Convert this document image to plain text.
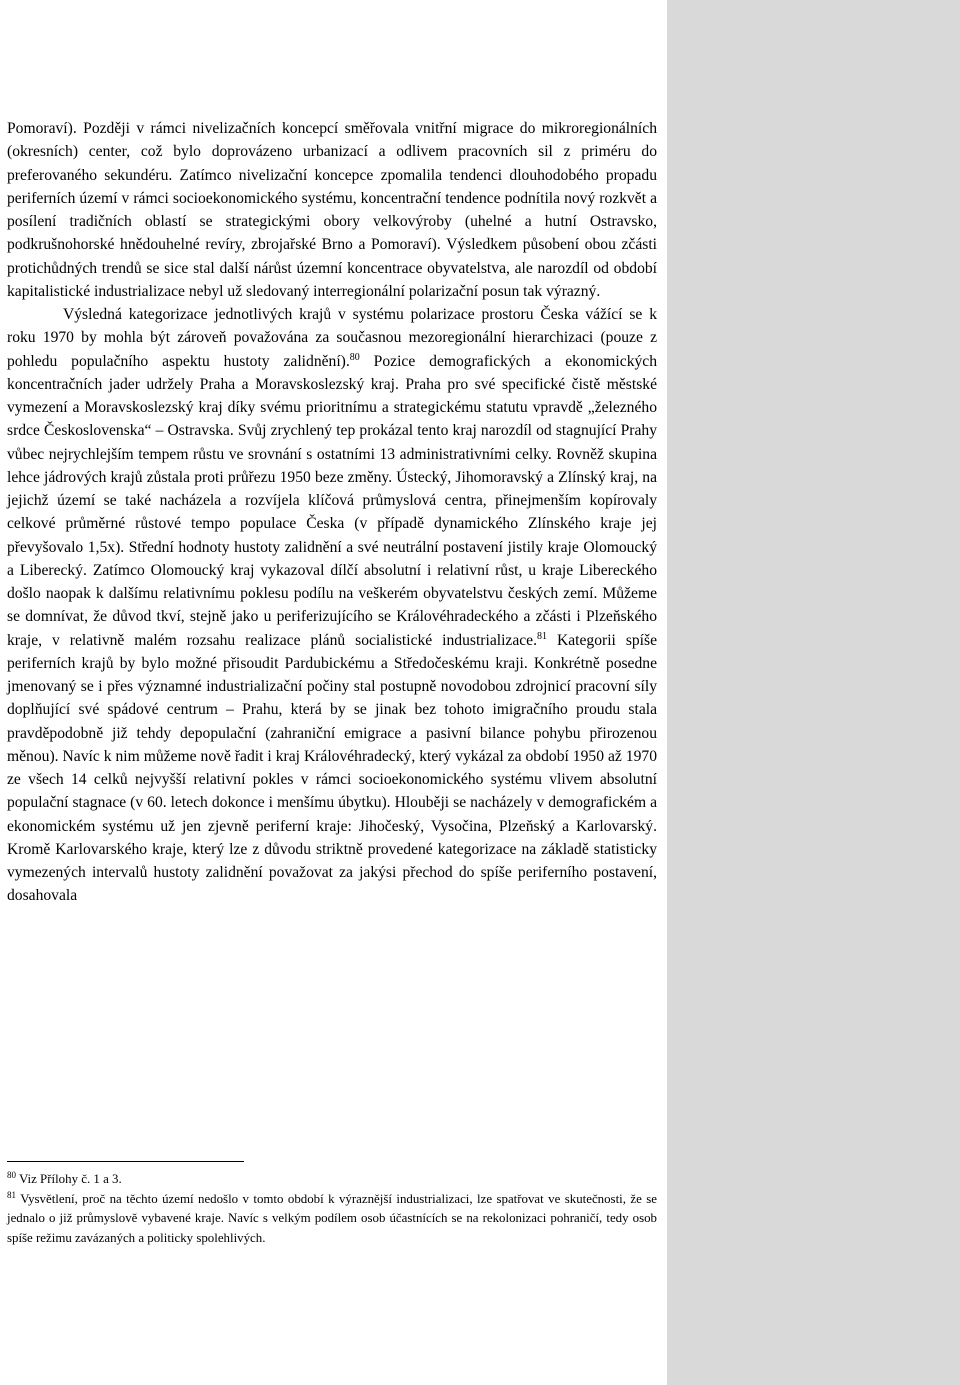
Pomoraví). Později v rámci nivelizačních koncepcí směřovala vnitřní migrace do mikroregionálních (okresních) center, což bylo doprovázeno urbanizací a odlivem pracovních sil z priméru do preferovaného sekundéru. Zatímco nivelizační koncepce zpomalila tendenci dlouhodobého propadu periferních území v rámci socioekonomického systému, koncentrační tendence podnítila nový rozkvět a posílení tradičních oblastí se strategickými obory velkovýroby (uhelné a hutní Ostravsko, podkrušnohorské hnědouhelné revíry, zbrojařské Brno a Pomoraví). Výsledkem působení obou zčásti protichůdných trendů se sice stal další nárůst územní koncentrace obyvatelstva, ale narozdíl od období kapitalistické industrializace nebyl už sledovaný interregionální polarizační posun tak výrazný.

Výsledná kategorizace jednotlivých krajů v systému polarizace prostoru Česka vážící se k roku 1970 by mohla být zároveň považována za současnou mezoregionální hierarchizaci (pouze z pohledu populačního aspektu hustoty zalidnění).$^{80}$ Pozice demografických a ekonomických koncentračních jader udržely Praha a Moravskoslezský kraj. Praha pro své specifické čistě městské vymezení a Moravskoslezský kraj díky svému prioritnímu a strategickému statutu vpravdě „železného srdce Československa“ – Ostravska. Svůj zrychlený tep prokázal tento kraj narozdíl od stagnující Prahy vůbec nejrychlejším tempem růstu ve srovnání s ostatními 13 administrativními celky. Rovněž skupina lehce jádrových krajů zůstala proti průřezu 1950 beze změny. Ústecký, Jihomoravský a Zlínský kraj, na jejichž území se také nacházela a rozvíjela klíčová průmyslová centra, přinejmenším kopírovaly celkové průměrné růstové tempo populace Česka (v případě dynamického Zlínského kraje jej převyšovalo 1,5x). Střední hodnoty hustoty zalidnění a své neutrální postavení jistily kraje Olomoucký a Liberecký. Zatímco Olomoucký kraj vykazoval dílčí absolutní i relativní růst, u kraje Libereckého došlo naopak k dalšímu relativnímu poklesu podílu na veškerém obyvatelstvu českých zemí. Můžeme se domnívat, že důvod tkví, stejně jako u periferizujícího se Královéhradeckého a zčásti i Plzeňského kraje, v relativně malém rozsahu realizace plánů socialistické industrializace.$^{81}$ Kategorii spíše periferních krajů by bylo možné přisoudit Pardubickému a Středočeskému kraji. Konkrétně posedne jmenovaný se i přes významné industrializační počiny stal postupně novodobou zdrojnicí pracovní síly doplňující své spádové centrum – Prahu, která by se jinak bez tohoto imigračního proudu stala pravděpodobně již tehdy depopulační (zahraniční emigrace a pasivní bilance pohybu přirozenou měnou). Navíc k nim můžeme nově řadit i kraj Královéhradecký, který vykázal za období 1950 až 1970 ze všech 14 celků nejvyšší relativní pokles v rámci socioekonomického systému vlivem absolutní populační stagnace (v 60. letech dokonce i menšímu úbytku). Hlouběji se nacházely v demografickém a ekonomickém systému už jen zjevně periferní kraje: Jihočeský, Vysočina, Plzeňský a Karlovarský. Kromě Karlovarského kraje, který lze z důvodu striktně provedené kategorizace na základě statisticky vymezených intervalů hustoty zalidnění považovat za jakýsi přechod do spíše periferního postavení, dosahovala

$^{80}$ Viz Přílohy č. 1 a 3.

$^{81}$ Vysvětlení, proč na těchto území nedošlo v tomto období k výraznější industrializaci, lze spatřovat ve skutečnosti, že se jednalo o již průmyslově vybavené kraje. Navíc s velkým podílem osob účastnících se na rekolonizaci pohraničí, tedy osob spíše režimu zavázaných a politicky spolehlivých.
